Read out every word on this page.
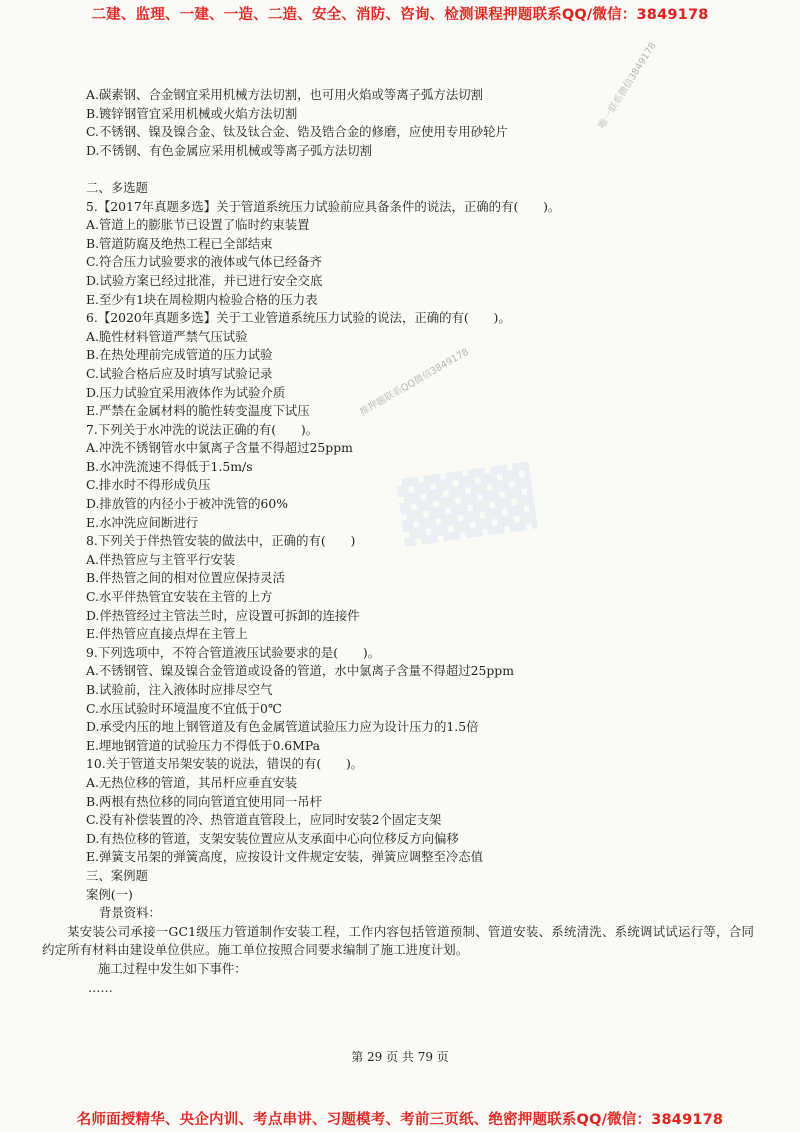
二建、监理、一建、一造、二造、安全、消防、咨询、检测课程押题联系QQ/微信：3849178
唯一联系微信3849178
推押题联系QQ微信3849178
▓▓▓
A.碳素钢、合金钢宜采用机械方法切割，也可用火焰或等离子弧方法切割
B.镀锌钢管宜采用机械或火焰方法切割
C.不锈钢、镍及镍合金、钛及钛合金、锆及锆合金的修磨，应使用专用砂轮片
D.不锈钢、有色金属应采用机械或等离子弧方法切割
二、多选题
5.【2017年真题多选】关于管道系统压力试验前应具备条件的说法，正确的有(　　)。
A.管道上的膨胀节已设置了临时约束装置
B.管道防腐及绝热工程已全部结束
C.符合压力试验要求的液体或气体已经备齐
D.试验方案已经过批准，并已进行安全交底
E.至少有1块在周检期内检验合格的压力表
6.【2020年真题多选】关于工业管道系统压力试验的说法，正确的有(　　)。
A.脆性材料管道严禁气压试验
B.在热处理前完成管道的压力试验
C.试验合格后应及时填写试验记录
D.压力试验宜采用液体作为试验介质
E.严禁在金属材料的脆性转变温度下试压
7.下列关于水冲洗的说法正确的有(　　)。
A.冲洗不锈钢管水中氯离子含量不得超过25ppm
B.水冲洗流速不得低于1.5m/s
C.排水时不得形成负压
D.排放管的内径小于被冲洗管的60%
E.水冲洗应间断进行
8.下列关于伴热管安装的做法中，正确的有(　　)
A.伴热管应与主管平行安装
B.伴热管之间的相对位置应保持灵活
C.水平伴热管宜安装在主管的上方
D.伴热管经过主管法兰时，应设置可拆卸的连接件
E.伴热管应直接点焊在主管上
9.下列选项中，不符合管道液压试验要求的是(　　)。
A.不锈钢管、镍及镍合金管道或设备的管道，水中氯离子含量不得超过25ppm
B.试验前，注入液体时应排尽空气
C.水压试验时环境温度不宜低于0℃
D.承受内压的地上钢管道及有色金属管道试验压力应为设计压力的1.5倍
E.埋地钢管道的试验压力不得低于0.6MPa
10.关于管道支吊架安装的说法，错误的有(　　)。
A.无热位移的管道，其吊杆应垂直安装
B.两根有热位移的同向管道宜使用同一吊杆
C.没有补偿装置的冷、热管道直管段上，应同时安装2个固定支架
D.有热位移的管道，支架安装位置应从支承面中心向位移反方向偏移
E.弹簧支吊架的弹簧高度，应按设计文件规定安装，弹簧应调整至冷态值
三、案例题
案例(一)
背景资料：
某安装公司承接一GC1级压力管道制作安装工程，工作内容包括管道预制、管道安装、系统清洗、系统调试试运行等，合同约定所有材料由建设单位供应。施工单位按照合同要求编制了施工进度计划。
施工过程中发生如下事件：
……
第 29 页 共 79 页
名师面授精华、央企内训、考点串讲、习题模考、考前三页纸、绝密押题联系QQ/微信：3849178
